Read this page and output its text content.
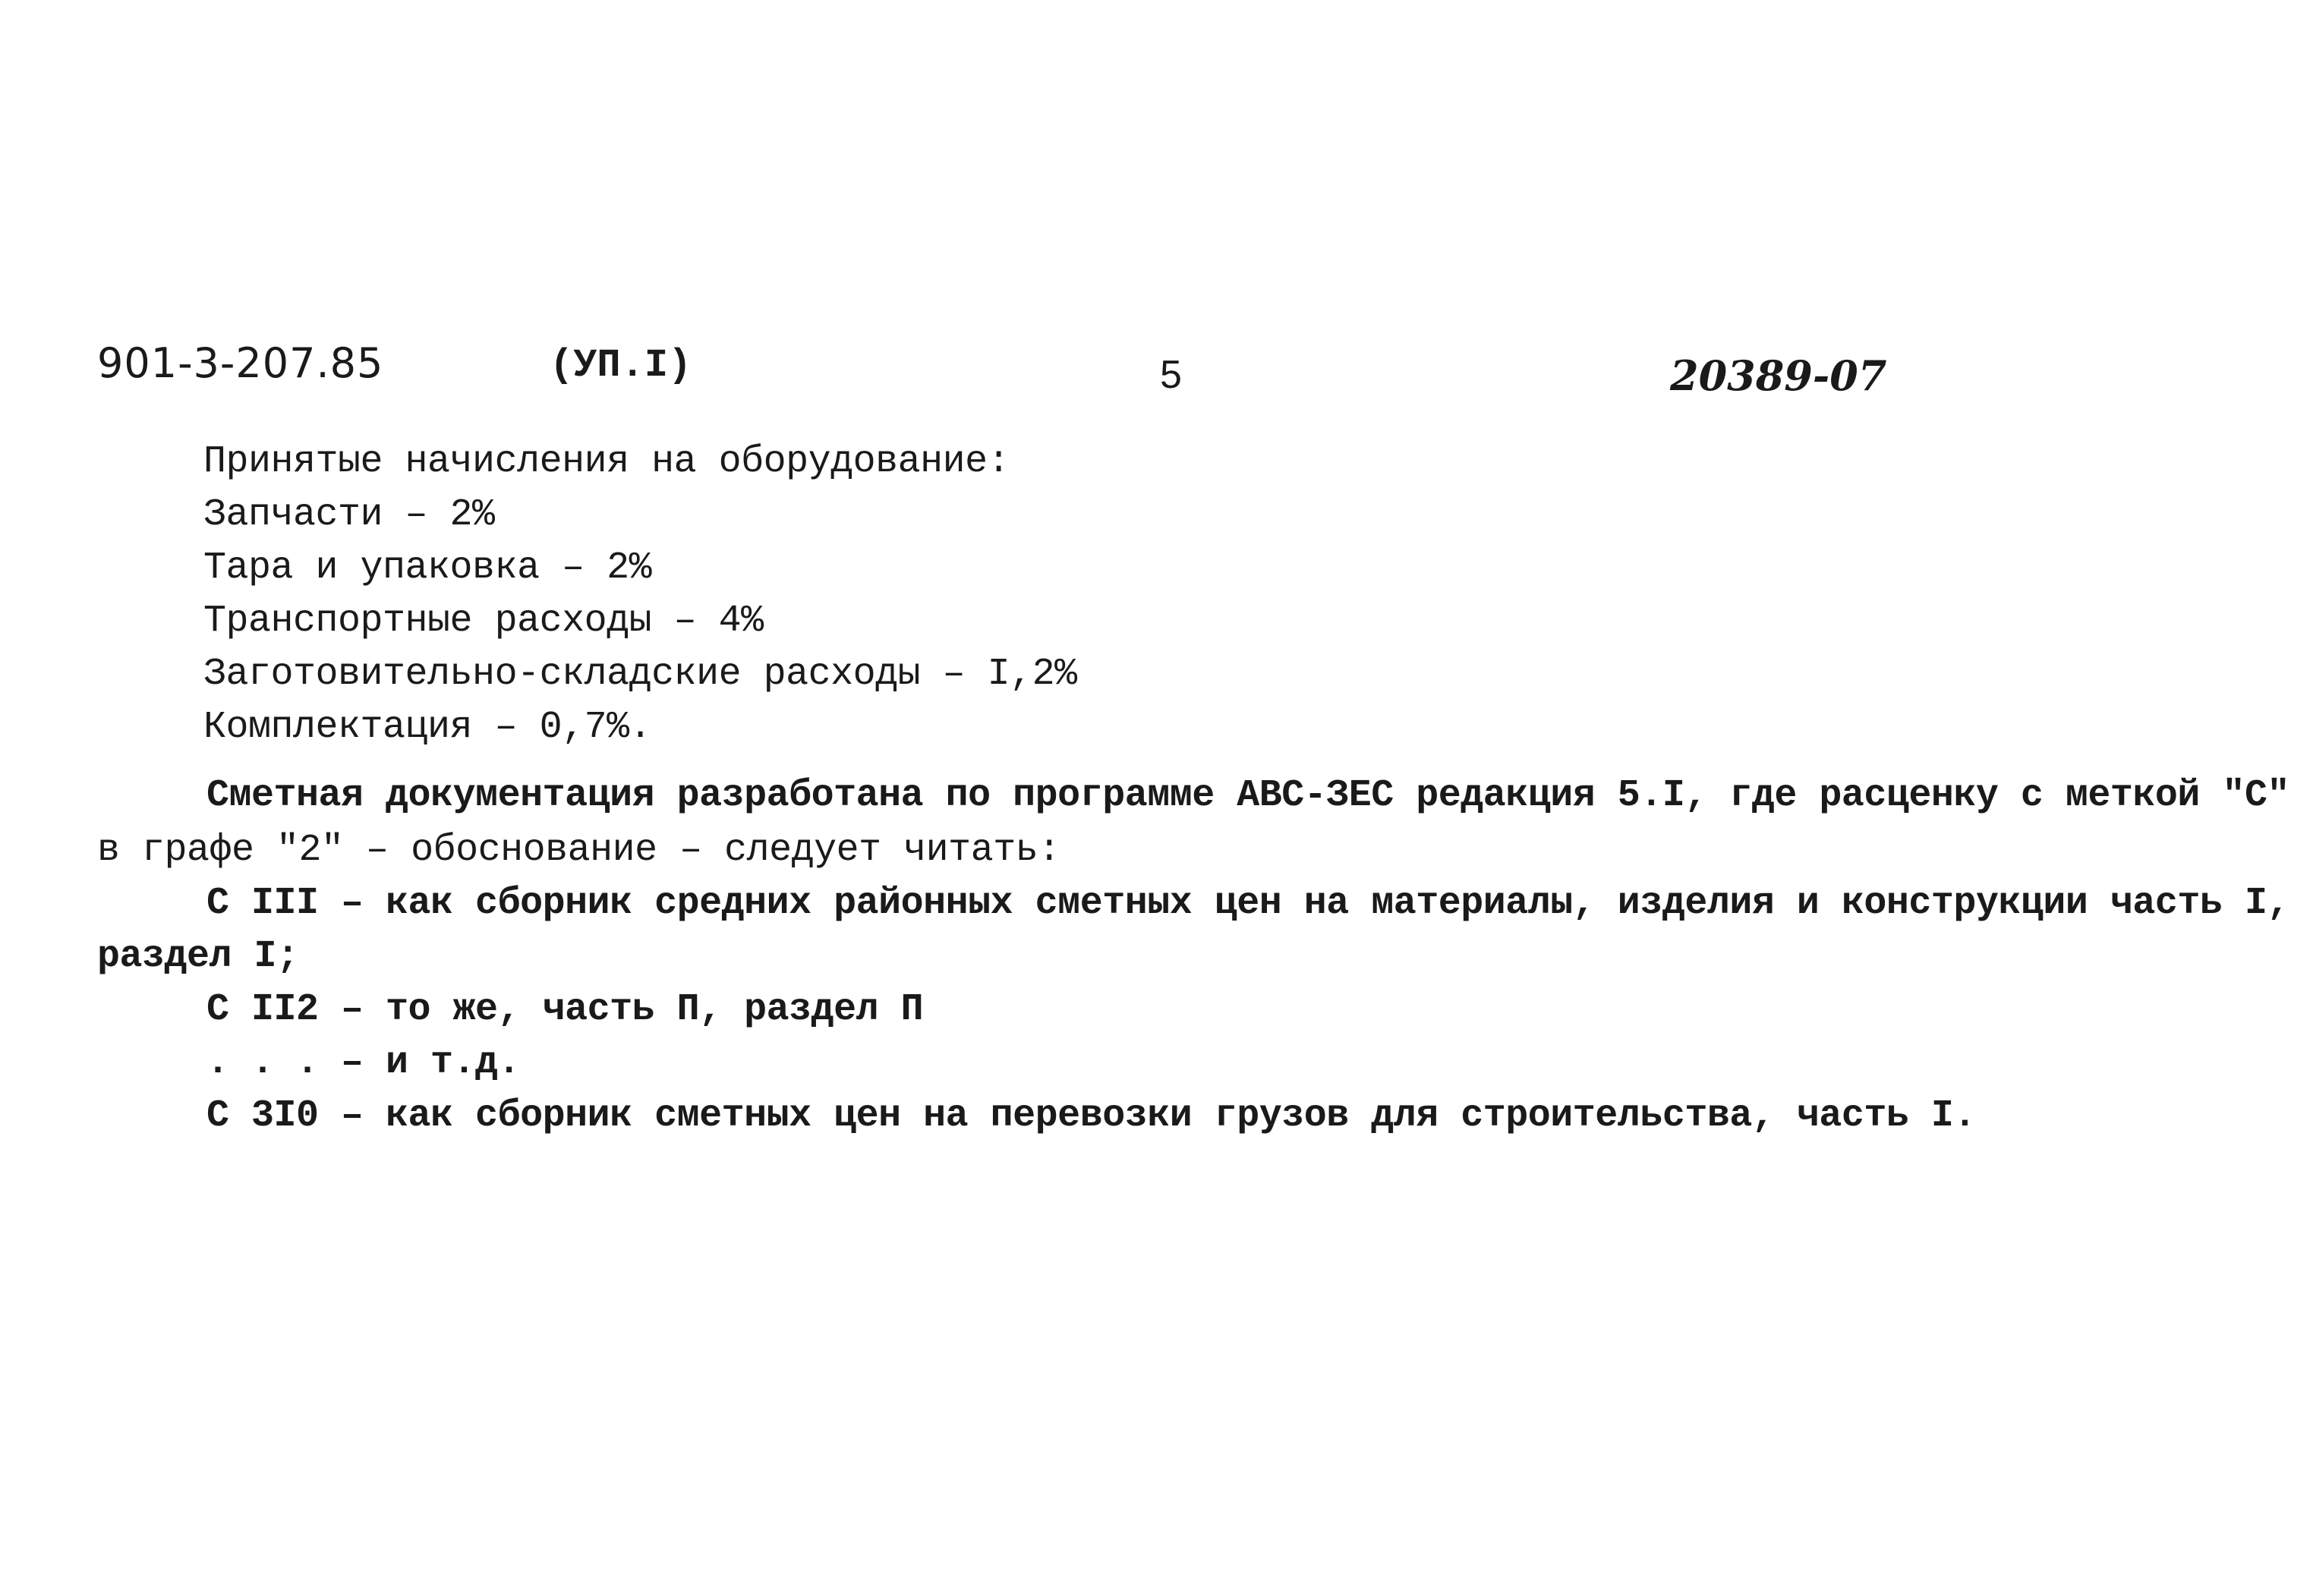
901-3-207.85	(УП.I)	5	20389-07
Принятые начисления на оборудование:
Запчасти – 2%
Тара и упаковка – 2%
Транспортные расходы – 4%
Заготовительно-складские расходы – I,2%
Комплектация – 0,7%.
Сметная документация разработана по программе АВС-ЗЕС редакция 5.I, где расценку с меткой "С"
в графе "2" – обоснование – следует читать:
С III – как сборник средних районных сметных цен на материалы, изделия и конструкции часть I,
раздел I;
С II2 – то же, часть П, раздел П
. . . – и т.д.
С 3I0 – как сборник сметных цен на перевозки грузов для строительства, часть I.
